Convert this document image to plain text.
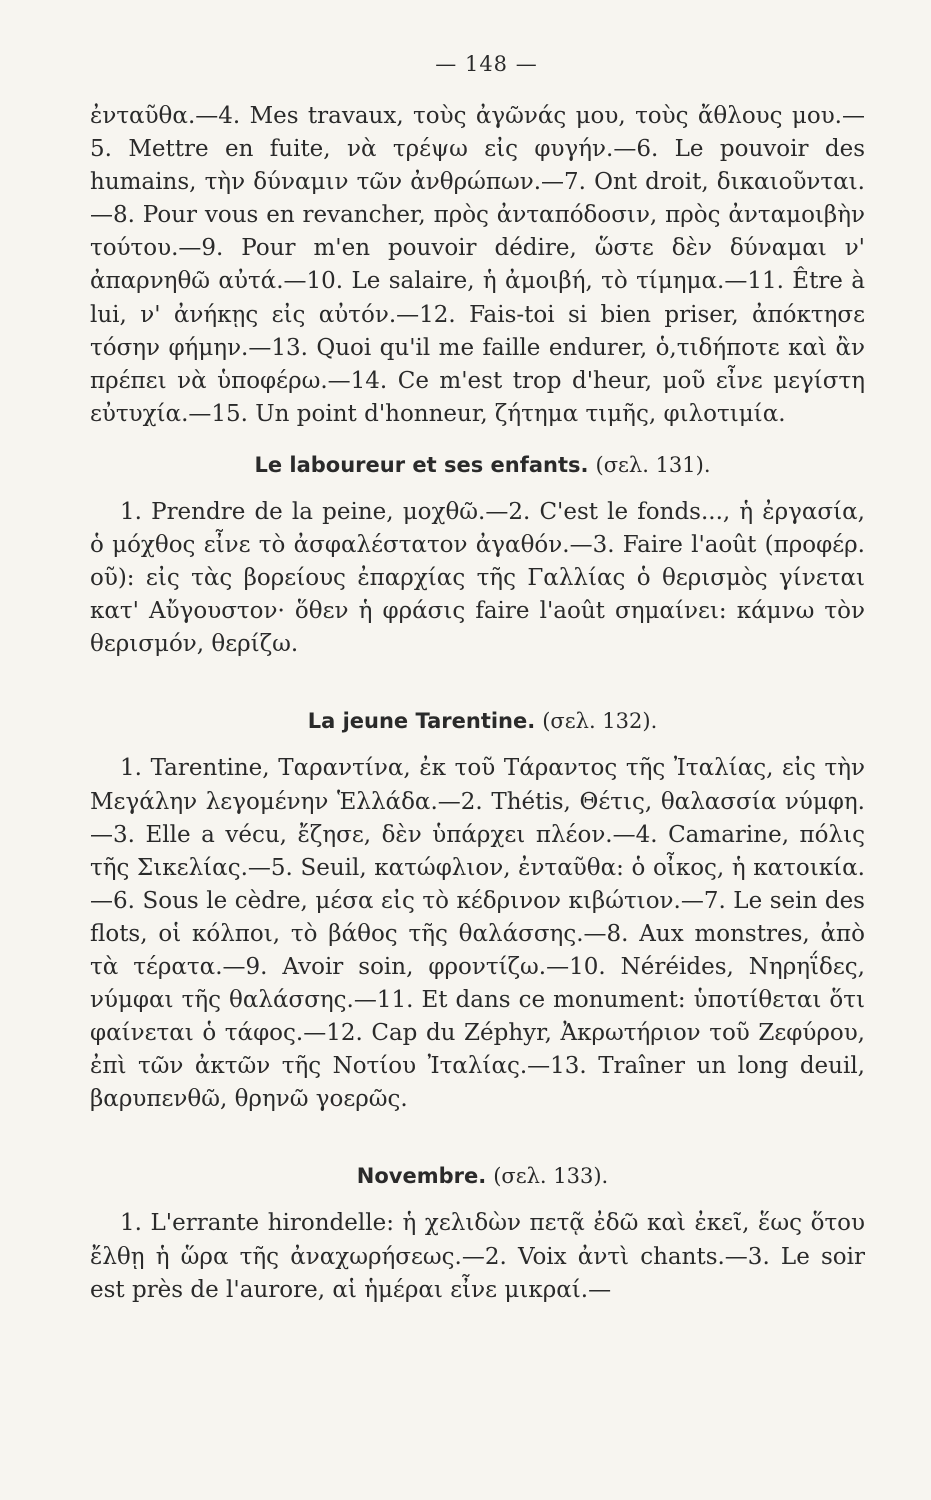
— 148 —

ἐνταῦθα.—4. Mes travaux, τοὺς ἀγῶνάς μου, τοὺς ἄθλους μου.—5. Mettre en fuite, νὰ τρέψω εἰς φυγήν.—6. Le pouvoir des humains, τὴν δύναμιν τῶν ἀνθρώπων.—7. Ont droit, δικαιοῦνται.—8. Pour vous en revancher, πρὸς ἀνταπόδοσιν, πρὸς ἀνταμοιβὴν τούτου.—9. Pour m'en pouvoir dédire, ὥστε δὲν δύναμαι ν' ἀπαρνηθῶ αὐτά.—10. Le salaire, ἡ ἀμοιβή, τὸ τίμημα.—11. Être à lui, ν' ἀνήκῃς εἰς αὐτόν.—12. Fais-toi si bien priser, ἀπόκτησε τόσην φήμην.—13. Quoi qu'il me faille endurer, ὁ,τιδήποτε καὶ ἂν πρέπει νὰ ὑποφέρω.—14. Ce m'est trop d'heur, μοῦ εἶνε μεγίστη εὐτυχία.—15. Un point d'honneur, ζήτημα τιμῆς, φιλοτιμία.

Le laboureur et ses enfants. (σελ. 131).

1. Prendre de la peine, μοχθῶ.—2. C'est le fonds..., ἡ ἐργασία, ὁ μόχθος εἶνε τὸ ἀσφαλέστατον ἀγαθόν.—3. Faire l'août (προφέρ. οῦ): εἰς τὰς βορείους ἐπαρχίας τῆς Γαλλίας ὁ θερισμὸς γίνεται κατ' Αὔγουστον· ὅθεν ἡ φράσις faire l'août σημαίνει: κάμνω τὸν θερισμόν, θερίζω.

La jeune Tarentine. (σελ. 132).

1. Tarentine, Ταραντίνα, ἐκ τοῦ Τάραντος τῆς Ἰταλίας, εἰς τὴν Μεγάλην λεγομένην Ἑλλάδα.—2. Thétis, Θέτις, θαλασσία νύμφη.—3. Elle a vécu, ἔζησε, δὲν ὑπάρχει πλέον.—4. Camarine, πόλις τῆς Σικελίας.—5. Seuil, κατώφλιον, ἐνταῦθα: ὁ οἶκος, ἡ κατοικία.—6. Sous le cèdre, μέσα εἰς τὸ κέδρινον κιβώτιον.—7. Le sein des flots, οἱ κόλποι, τὸ βάθος τῆς θαλάσσης.—8. Aux monstres, ἀπὸ τὰ τέρατα.—9. Avoir soin, φροντίζω.—10. Néréides, Νηρηΐδες, νύμφαι τῆς θαλάσσης.—11. Et dans ce monument: ὑποτίθεται ὅτι φαίνεται ὁ τάφος.—12. Cap du Zéphyr, Ἀκρωτήριον τοῦ Ζεφύρου, ἐπὶ τῶν ἀκτῶν τῆς Νοτίου Ἰταλίας.—13. Traîner un long deuil, βαρυπενθῶ, θρηνῶ γοερῶς.

Novembre. (σελ. 133).

1. L'errante hirondelle: ἡ χελιδὼν πετᾷ ἐδῶ καὶ ἐκεῖ, ἕως ὅτου ἔλθῃ ἡ ὥρα τῆς ἀναχωρήσεως.—2. Voix ἀντὶ chants.—3. Le soir est près de l'aurore, αἱ ἡμέραι εἶνε μικραί.—
